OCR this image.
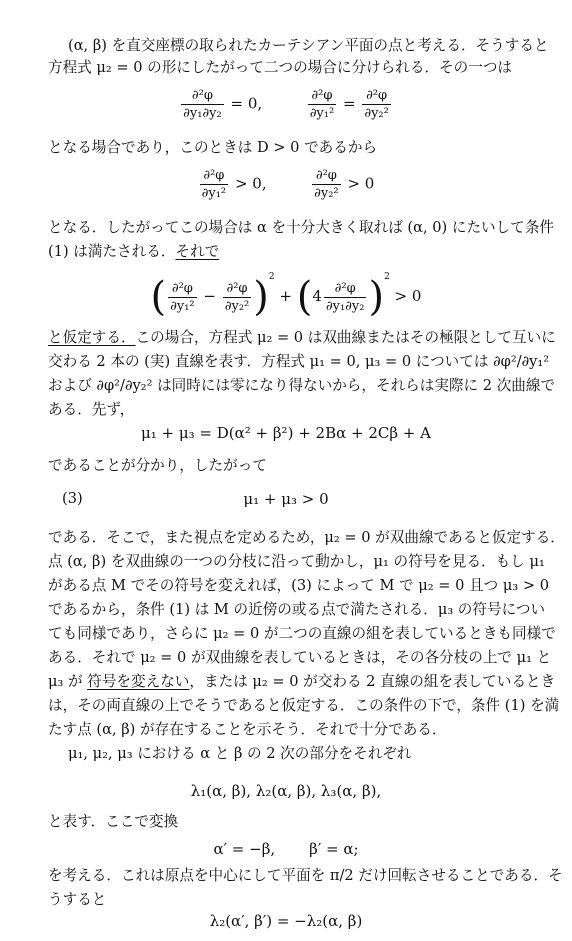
(α, β) を直交座標の取られたカーテシアン平面の点と考える．そうすると
方程式 μ₂ = 0 の形にしたがって二つの場合に分けられる．その一つは
$\frac{\text{∂²φ}}{\text{∂y₁∂y₂}} = 0$,	$\frac{\text{∂²φ}}{\text{∂y₁²}} = \frac{\text{∂²φ}}{\text{∂y₂²}}$
となる場合であり，このときは D > 0 であるから
$\frac{\text{∂²φ}}{\text{∂y₁²}} > 0$,	$\frac{\text{∂²φ}}{\text{∂y₂²}} > 0$
となる．したがってこの場合は α を十分大きく取れば (α, 0) にたいして条件
(1) は満たされる．それで
( $\frac{\text{∂²φ}}{\text{∂y₁²}} - \frac{\text{∂²φ}}{\text{∂y₂²}} )^2 + (4 \frac{\text{∂²φ}}{\text{∂y₁∂y₂}} )^2 > 0$
と仮定する．この場合，方程式 μ₂ = 0 は双曲線またはその極限として互いに
交わる 2 本の (実) 直線を表す．方程式 μ₁ = 0, μ₃ = 0 については ∂φ²/∂y₁²
および ∂φ²/∂y₂² は同時には零になり得ないから，それらは実際に 2 次曲線で
ある．先ず，
μ₁ + μ₃ = D(α² + β²) + 2Bα + 2Cβ + A
であることが分かり，したがって
(3)	μ₁ + μ₃ > 0
である．そこで，また視点を定めるため，μ₂ = 0 が双曲線であると仮定する．
点 (α, β) を双曲線の一つの分枝に沿って動かし，μ₁ の符号を見る．もし μ₁
がある点 M でその符号を変えれば，(3) によって M で μ₂ = 0 且つ μ₃ > 0
であるから，条件 (1) は M の近傍の或る点で満たされる．μ₃ の符号につい
ても同様であり，さらに μ₂ = 0 が二つの直線の組を表しているときも同様で
ある．それで μ₂ = 0 が双曲線を表しているときは，その各分枝の上で μ₁ と
μ₃ が 符号を変えない，または μ₂ = 0 が交わる 2 直線の組を表しているとき
は，その両直線の上でそうであると仮定する．この条件の下で，条件 (1) を満
たす点 (α, β) が存在することを示そう．それで十分である．
μ₁, μ₂, μ₃ における α と β の 2 次の部分をそれぞれ
λ₁(α, β), λ₂(α, β), λ₃(α, β),
と表す．ここで変換
α′ = −β, β′ = α;
を考える．これは原点を中心にして平面を π/2 だけ回転させることである．そ
うすると
λ₂(α′, β′) = −λ₂(α, β)
